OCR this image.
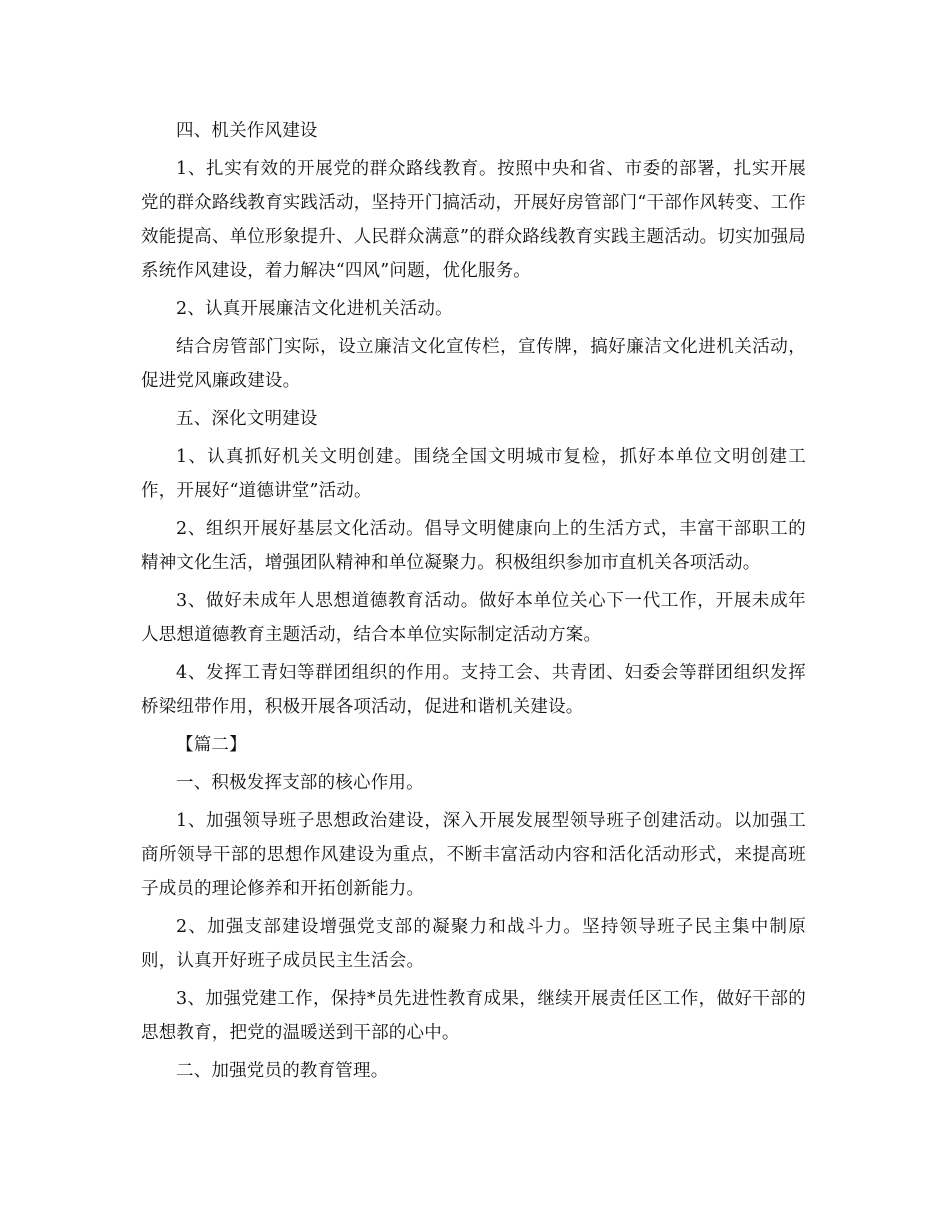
四、机关作风建设

1、扎实有效的开展党的群众路线教育。按照中央和省、市委的部署，扎实开展党的群众路线教育实践活动，坚持开门搞活动，开展好房管部门“干部作风转变、工作效能提高、单位形象提升、人民群众满意”的群众路线教育实践主题活动。切实加强局系统作风建设，着力解决“四风”问题，优化服务。

2、认真开展廉洁文化进机关活动。

结合房管部门实际，设立廉洁文化宣传栏，宣传牌，搞好廉洁文化进机关活动，促进党风廉政建设。

五、深化文明建设

1、认真抓好机关文明创建。围绕全国文明城市复检，抓好本单位文明创建工作，开展好“道德讲堂”活动。

2、组织开展好基层文化活动。倡导文明健康向上的生活方式，丰富干部职工的精神文化生活，增强团队精神和单位凝聚力。积极组织参加市直机关各项活动。

3、做好未成年人思想道德教育活动。做好本单位关心下一代工作，开展未成年人思想道德教育主题活动，结合本单位实际制定活动方案。

4、发挥工青妇等群团组织的作用。支持工会、共青团、妇委会等群团组织发挥桥梁纽带作用，积极开展各项活动，促进和谐机关建设。

【篇二】

一、积极发挥支部的核心作用。

1、加强领导班子思想政治建设，深入开展发展型领导班子创建活动。以加强工商所领导干部的思想作风建设为重点，不断丰富活动内容和活化活动形式，来提高班子成员的理论修养和开拓创新能力。

2、加强支部建设增强党支部的凝聚力和战斗力。坚持领导班子民主集中制原则，认真开好班子成员民主生活会。

3、加强党建工作，保持*员先进性教育成果，继续开展责任区工作，做好干部的思想教育，把党的温暖送到干部的心中。

二、加强党员的教育管理。
